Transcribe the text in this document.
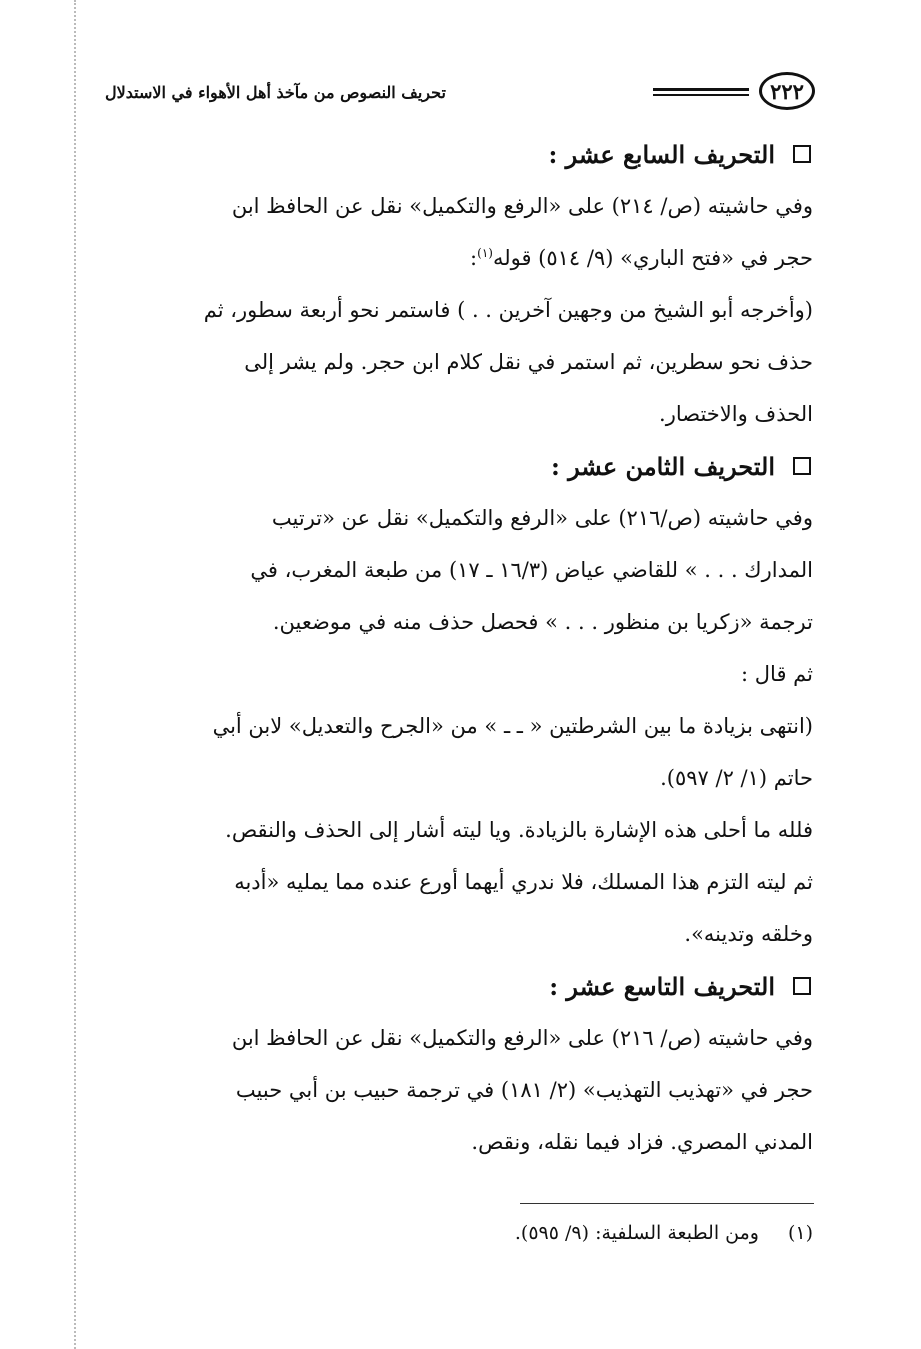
٢٢٢
تحريف النصوص من مآخذ أهل الأهواء في الاستدلال
التحريف السابع عشر :
وفي حاشيته (ص/ ٢١٤) على «الرفع والتكميل» نقل عن الحافظ ابن
حجر في «فتح الباري» (٩/ ٥١٤) قوله$^{(١)}$:
(وأخرجه أبو الشيخ من وجهين آخرين . . ) فاستمر نحو أربعة سطور، ثم
حذف نحو سطرين، ثم استمر في نقل كلام ابن حجر. ولم يشر إلى
الحذف والاختصار.
التحريف الثامن عشر :
وفي حاشيته (ص/٢١٦) على «الرفع والتكميل» نقل عن «ترتيب
المدارك . . . » للقاضي عياض (١٦/٣ ـ ١٧) من طبعة المغرب، في
ترجمة «زكريا بن منظور . . . » فحصل حذف منه في موضعين.
ثم قال :
(انتهى بزيادة ما بين الشرطتين « ـ ـ » من «الجرح والتعديل» لابن أبي
حاتم (١/ ٢/ ٥٩٧).
فلله ما أحلى هذه الإشارة بالزيادة. ويا ليته أشار إلى الحذف والنقص.
ثم ليته التزم هذا المسلك، فلا ندري أيهما أورع عنده مما يمليه «أدبه
وخلقه وتدينه».
التحريف التاسع عشر :
وفي حاشيته (ص/ ٢١٦) على «الرفع والتكميل» نقل عن الحافظ ابن
حجر في «تهذيب التهذيب» (٢/ ١٨١) في ترجمة حبيب بن أبي حبيب
المدني المصري. فزاد فيما نقله، ونقص.
(١) ومن الطبعة السلفية: (٩/ ٥٩٥).
